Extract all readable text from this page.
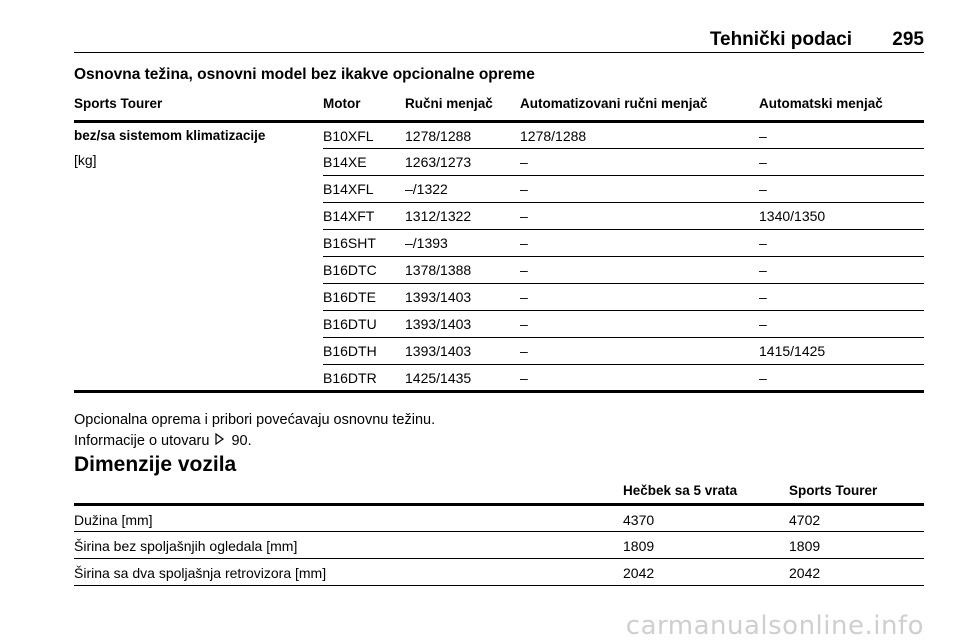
Tehnički podaci 295
Osnovna težina, osnovni model bez ikakve opcionalne opreme
Sports Tourer	Motor	Ručni menjač	Automatizovani ručni menjač	Automatski menjač

bez/sa sistemom klimatizacije
[kg]	B10XFL	1278/1288	1278/1288	–
	B14XE	1263/1273	–	–
	B14XFL	–/1322	–	–
	B14XFT	1312/1322	–	1340/1350
	B16SHT	–/1393	–	–
	B16DTC	1378/1388	–	–
	B16DTE	1393/1403	–	–
	B16DTU	1393/1403	–	–
	B16DTH	1393/1403	–	1415/1425
	B16DTR	1425/1435	–	–
Opcionalna oprema i pribori povećavaju osnovnu težinu.
Informacije o utovaru 90.
Dimenzije vozila
	Hečbek sa 5 vrata	Sports Tourer
Dužina [mm]	4370	4702
Širina bez spoljašnjih ogledala [mm]	1809	1809
Širina sa dva spoljašnja retrovizora [mm]	2042	2042
carmanualsonline.info
